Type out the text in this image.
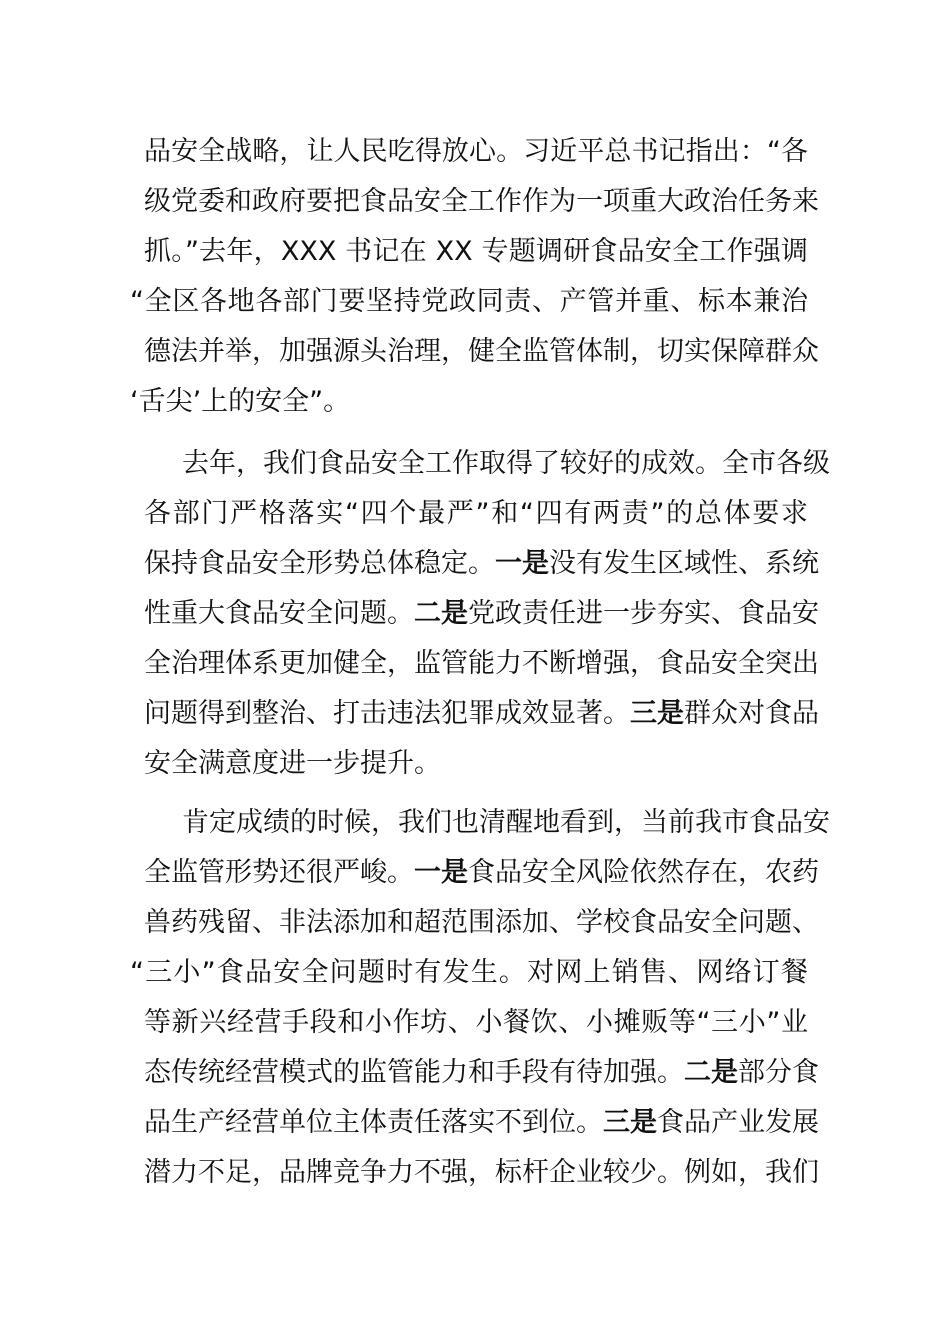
品安全战略，让人民吃得放心。习近平总书记指出：“各
级党委和政府要把食品安全工作作为一项重大政治任务来
抓。”去年，XXX 书记在 XX 专题调研食品安全工作强调
“全区各地各部门要坚持党政同责、产管并重、标本兼治
德法并举，加强源头治理，健全监管体制，切实保障群众
‘舌尖’上的安全”。
去年，我们食品安全工作取得了较好的成效。全市各级
各部门严格落实“四个最严”和“四有两责”的总体要求
保持食品安全形势总体稳定。一是没有发生区域性、系统
性重大食品安全问题。二是党政责任进一步夯实、食品安
全治理体系更加健全，监管能力不断增强，食品安全突出
问题得到整治、打击违法犯罪成效显著。三是群众对食品
安全满意度进一步提升。
肯定成绩的时候，我们也清醒地看到，当前我市食品安
全监管形势还很严峻。一是食品安全风险依然存在，农药
兽药残留、非法添加和超范围添加、学校食品安全问题、
“三小”食品安全问题时有发生。对网上销售、网络订餐
等新兴经营手段和小作坊、小餐饮、小摊贩等“三小”业
态传统经营模式的监管能力和手段有待加强。二是部分食
品生产经营单位主体责任落实不到位。三是食品产业发展
潜力不足，品牌竞争力不强，标杆企业较少。例如，我们
